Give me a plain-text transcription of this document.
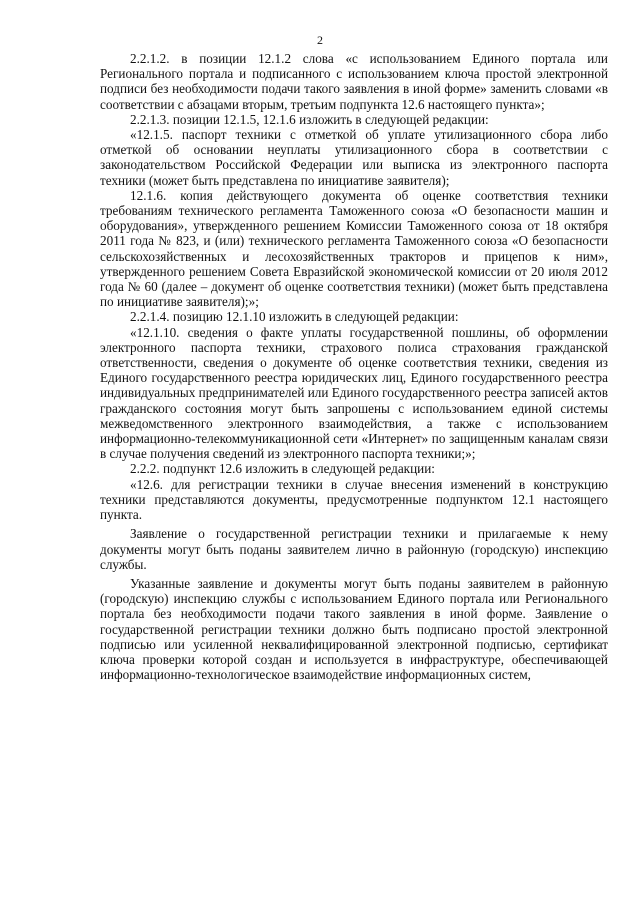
2

2.2.1.2. в позиции 12.1.2 слова «с использованием Единого портала или Регионального портала и подписанного с использованием ключа простой электронной подписи без необходимости подачи такого заявления в иной форме» заменить словами «в соответствии с абзацами вторым, третьим подпункта 12.6 настоящего пункта»;

2.2.1.3. позиции 12.1.5, 12.1.6 изложить в следующей редакции:

«12.1.5. паспорт техники с отметкой об уплате утилизационного сбора либо отметкой об основании неуплаты утилизационного сбора в соответствии с законодательством Российской Федерации или выписка из электронного паспорта техники (может быть представлена по инициативе заявителя);

12.1.6. копия действующего документа об оценке соответствия техники требованиям технического регламента Таможенного союза «О безопасности машин и оборудования», утвержденного решением Комиссии Таможенного союза от 18 октября 2011 года № 823, и (или) технического регламента Таможенного союза «О безопасности сельскохозяйственных и лесохозяйственных тракторов и прицепов к ним», утвержденного решением Совета Евразийской экономической комиссии от 20 июля 2012 года № 60 (далее – документ об оценке соответствия техники) (может быть представлена по инициативе заявителя);»;

2.2.1.4. позицию 12.1.10 изложить в следующей редакции:

«12.1.10. сведения о факте уплаты государственной пошлины, об оформлении электронного паспорта техники, страхового полиса страхования гражданской ответственности, сведения о документе об оценке соответствия техники, сведения из Единого государственного реестра юридических лиц, Единого государственного реестра индивидуальных предпринимателей или Единого государственного реестра записей актов гражданского состояния могут быть запрошены с использованием единой системы межведомственного электронного взаимодействия, а также с использованием информационно-телекоммуникационной сети «Интернет» по защищенным каналам связи в случае получения сведений из электронного паспорта техники;»;

2.2.2. подпункт 12.6 изложить в следующей редакции:

«12.6. для регистрации техники в случае внесения изменений в конструкцию техники представляются документы, предусмотренные подпунктом 12.1 настоящего пункта.

Заявление о государственной регистрации техники и прилагаемые к нему документы могут быть поданы заявителем лично в районную (городскую) инспекцию службы.

Указанные заявление и документы могут быть поданы заявителем в районную (городскую) инспекцию службы с использованием Единого портала или Регионального портала без необходимости подачи такого заявления в иной форме. Заявление о государственной регистрации техники должно быть подписано простой электронной подписью или усиленной неквалифицированной электронной подписью, сертификат ключа проверки которой создан и используется в инфраструктуре, обеспечивающей информационно-технологическое взаимодействие информационных систем,
